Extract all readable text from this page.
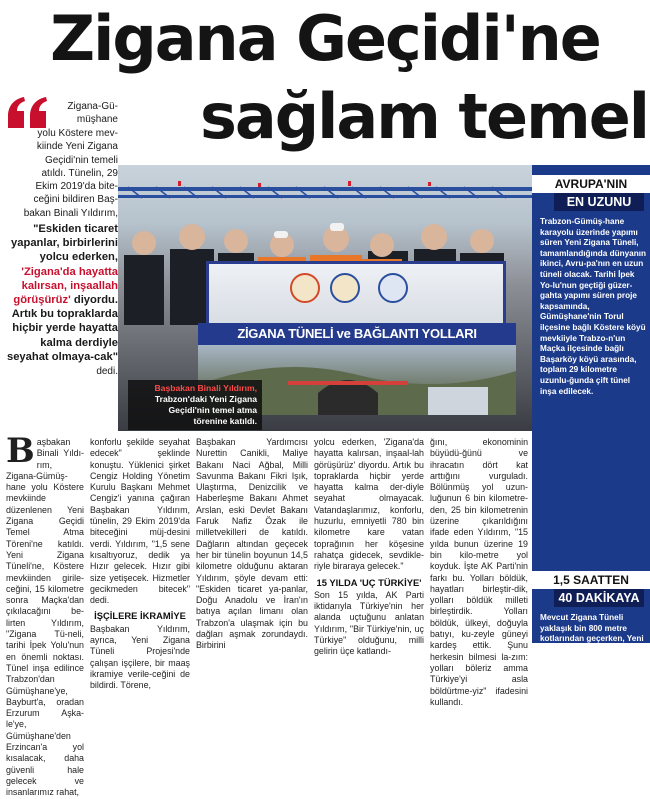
Zigana Geçidi'ne
sağlam temel
Zigana-Gü-
müşhane
yolu Köstere mev-
kiinde Yeni Zigana
Geçidi'nin temeli
atıldı. Tünelin, 29
Ekim 2019'da bite-
ceğini bildiren Baş-
bakan Binali Yıldırım,
"Eskiden ticaret yapanlar, birbirlerini yolcu ederken, 'Zigana'da hayatta kalırsan, inşaallah görüşürüz' diyordu. Artık bu topraklarda hiçbir yerde hayatta kalma derdiyle seyahat olmaya-cak" dedi.
ZİGANA TÜNELİ ve BAĞLANTI YOLLARI
Başbakan Binali Yıldırım, Trabzon'daki Yeni Zigana Geçidi'nin temel atma törenine katıldı.
AVRUPA'NIN
EN UZUNU
Trabzon-Gümüş-hane karayolu üzerinde yapımı süren Yeni Zigana Tüneli, tamamlandığında dünyanın ikinci, Avru-pa'nın en uzun tüneli olacak. Tarihi İpek Yo-lu'nun geçtiği güzer-gahta yapımı süren proje kapsamında, Gümüşhane'nin Torul ilçesine bağlı Köstere köyü mevkiiyle Trabzo-n'un Maçka ilçesinde bağlı Başarköy köyü arasında, toplam 29 kilometre uzunlu-ğunda çift tünel inşa edilecek.
1,5 SAATTEN
40 DAKİKAYA
Mevcut Zigana Tüneli yaklaşık bin 800 metre kotlarından geçerken, Yeni Zigana Tüneli ve yaklaşık 800 metre düşük kottan girilerek Zigana Dağı yaklaşık 560 metre dü-şük kottan geçilecek. Önceden Gümüşha-ne-Trabzon arasındaki 100 kilometrelik virajlı yol, 1-1,5 saat arasında katedilebiliyordu. Yeni tünelin ulaşıma açılmasının ardından bu yolun 40 dakika-da alınacağı tahmin ediliyor.
Başbakan Binali Yıldı-rım, Zigana-Gümüş-hane yolu Köstere mevkiinde düzenlenen Yeni Zigana Geçidi Temel Atma Töreni'ne katıldı. Yeni Zigana Tüneli'ne, Köstere mevkiinden girile-ceğini, 15 kilometre sonra Maçka'dan çıkılacağını be-lirten Yıldırım, "Zigana Tü-neli, tarihi İpek Yolu'nun en önemli noktası. Tünel inşa edilince Trabzon'dan Gümüşhane'ye, Bayburt'a, oradan Erzurum Aşka-le'ye, Gümüşhane'den Erzincan'a yol kısalacak, daha güvenli hale gelecek ve insanlarımız rahat,
konforlu şekilde seyahat edecek" şeklinde konuştu. Yüklenici şirket Cengiz Holding Yönetim Kurulu Başkanı Mehmet Cengiz'i yanına çağıran Başbakan Yıldırım, tünelin, 29 Ekim 2019'da biteceğini müj-desini verdi. Yıldırım, "1,5 sene kısaltıyoruz, dedik ya Hızır gelecek. Hızır gibi size yetişecek. Hizmetler gecikmeden bitecek" dedi.
İŞÇİLERE İKRAMİYE
Başbakan Yıldırım, ayrıca, Yeni Zigana Tüneli Projesi'nde çalışan işçilere, bir maaş ikramiye verile-ceğini de bildirdi. Törene,
Başbakan Yardımcısı Nurettin Canikli, Maliye Bakanı Naci Ağbal, Milli Savunma Bakanı Fikri Işık, Ulaştırma, Denizcilik ve Haberleşme Bakanı Ahmet Arslan, eski Devlet Bakanı Faruk Nafiz Özak ile milletvekilleri de katıldı. Dağların altından geçecek her bir tünelin boyunun 14,5 kilometre olduğunu aktaran Yıldırım, şöyle devam etti: "Eskiden ticaret ya-panlar, Doğu Anadolu ve İran'ın batıya açılan limanı olan Trabzon'a ulaşmak için bu dağları aşmak zorundaydı. Birbirini
yolcu ederken, 'Zigana'da hayatta kalırsan, inşaal-lah görüşürüz' diyordu. Artık bu topraklarda hiçbir yerde hayatta kalma der-diyle seyahat olmayacak. Vatandaşlarımız, konforlu, huzurlu, emniyetli 780 bin kilometre kare vatan toprağının her köşesine rahatça gidecek, sevdikle-riyle biraraya gelecek."
15 YILDA 'UÇ TÜRKİYE'
Son 15 yılda, AK Parti iktidarıyla Türkiye'nin her alanda uçtuğunu anlatan Yıldırım, "Bir Türkiye'nin, uç Türkiye" olduğunu, milli gelirin üçe katlandı-
ğını, ekonominin büyüdü-ğünü ve ihracatın dört kat arttığını vurguladı. Bölünmüş yol uzun-luğunun 6 bin kilometre-den, 25 bin kilometrenin üzerine çıkarıldığını ifade eden Yıldırım, "15 yılda bunun üzerine 19 bin kilo-metre yol koyduk. İşte AK Parti'nin farkı bu. Yolları böldük, hayatları birleştir-dik, yolları böldük milleti birleştirdik. Yolları böldük, ülkeyi, doğuyla batıyı, ku-zeyle güneyi kardeş ettik. Şunu herkesin bilmesi la-zım: yolları böleriz amma Türkiye'yi asla böldürtme-yiz" ifadesini kullandı.
